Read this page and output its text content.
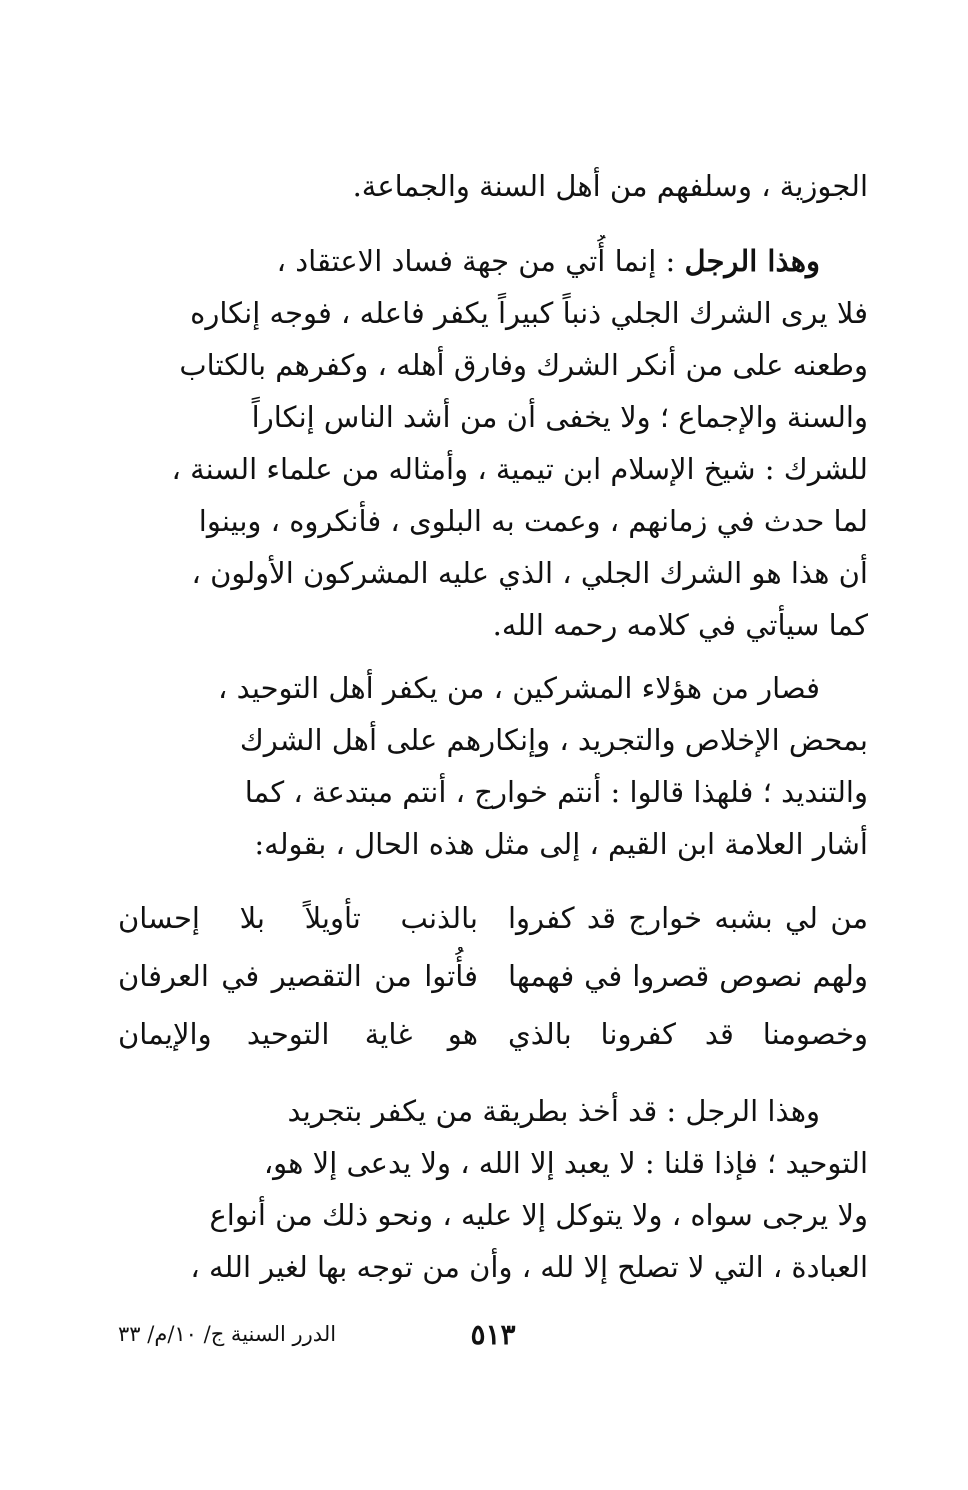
الجوزية ، وسلفهم من أهل السنة والجماعة.
وهذا الرجل : إنما أُتي من جهة فساد الاعتقاد ،
فلا يرى الشرك الجلي ذنباً كبيراً يكفر فاعله ، فوجه إنكاره
وطعنه على من أنكر الشرك وفارق أهله ، وكفرهم بالكتاب
والسنة والإجماع ؛ ولا يخفى أن من أشد الناس إنكاراً
للشرك : شيخ الإسلام ابن تيمية ، وأمثاله من علماء السنة ،
لما حدث في زمانهم ، وعمت به البلوى ، فأنكروه ، وبينوا
أن هذا هو الشرك الجلي ، الذي عليه المشركون الأولون ،
كما سيأتي في كلامه رحمه الله.
فصار من هؤلاء المشركين ، من يكفر أهل التوحيد ،
بمحض الإخلاص والتجريد ، وإنكارهم على أهل الشرك
والتنديد ؛ فلهذا قالوا : أنتم خوارج ، أنتم مبتدعة ، كما
أشار العلامة ابن القيم ، إلى مثل هذه الحال ، بقوله:
من لي بشبه خوارج قد كفروا
بالذنب تأويلاً بلا إحسان
ولهم نصوص قصروا في فهمها
فأُتوا من التقصير في العرفان
وخصومنا قد كفرونا بالذي
هو غاية التوحيد والإيمان
وهذا الرجل : قد أخذ بطريقة من يكفر بتجريد
التوحيد ؛ فإذا قلنا : لا يعبد إلا الله ، ولا يدعى إلا هو،
ولا يرجى سواه ، ولا يتوكل إلا عليه ، ونحو ذلك من أنواع
العبادة ، التي لا تصلح إلا لله ، وأن من توجه بها لغير الله ،
٥١٣
الدرر السنية ج/ ١٠/م/ ٣٣
